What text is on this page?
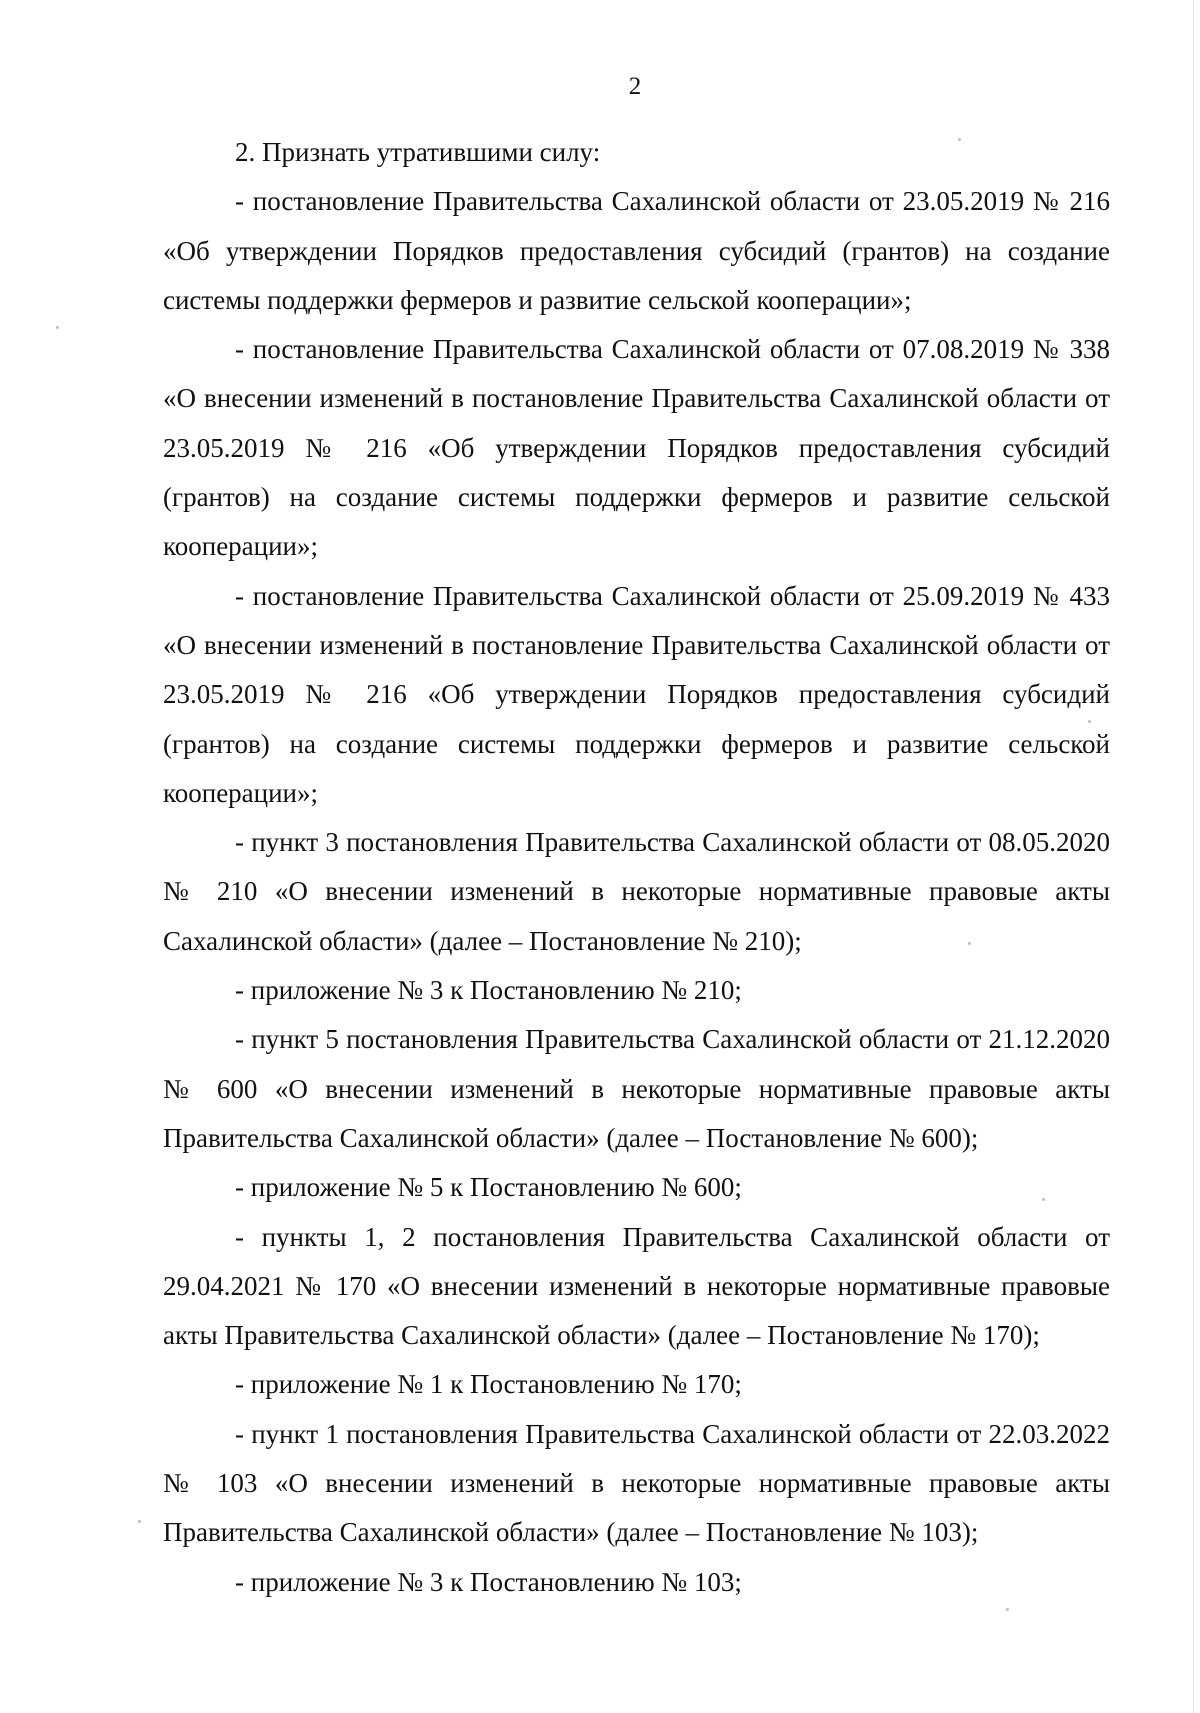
2

2. Признать утратившими силу:

- постановление Правительства Сахалинской области от 23.05.2019 № 216 «Об утверждении Порядков предоставления субсидий (грантов) на создание системы поддержки фермеров и развитие сельской кооперации»;

- постановление Правительства Сахалинской области от 07.08.2019 № 338 «О внесении изменений в постановление Правительства Сахалинской области от 23.05.2019 № 216 «Об утверждении Порядков предоставления субсидий (грантов) на создание системы поддержки фермеров и развитие сельской кооперации»;

- постановление Правительства Сахалинской области от 25.09.2019 № 433 «О внесении изменений в постановление Правительства Сахалинской области от 23.05.2019 № 216 «Об утверждении Порядков предоставления субсидий (грантов) на создание системы поддержки фермеров и развитие сельской кооперации»;

- пункт 3 постановления Правительства Сахалинской области от 08.05.2020 № 210 «О внесении изменений в некоторые нормативные правовые акты Сахалинской области» (далее – Постановление № 210);

- приложение № 3 к Постановлению № 210;

- пункт 5 постановления Правительства Сахалинской области от 21.12.2020 № 600 «О внесении изменений в некоторые нормативные правовые акты Правительства Сахалинской области» (далее – Постановление № 600);

- приложение № 5 к Постановлению № 600;

- пункты 1, 2 постановления Правительства Сахалинской области от 29.04.2021 № 170 «О внесении изменений в некоторые нормативные правовые акты Правительства Сахалинской области» (далее – Постановление № 170);

- приложение № 1 к Постановлению № 170;

- пункт 1 постановления Правительства Сахалинской области от 22.03.2022 № 103 «О внесении изменений в некоторые нормативные правовые акты Правительства Сахалинской области» (далее – Постановление № 103);

- приложение № 3 к Постановлению № 103;
